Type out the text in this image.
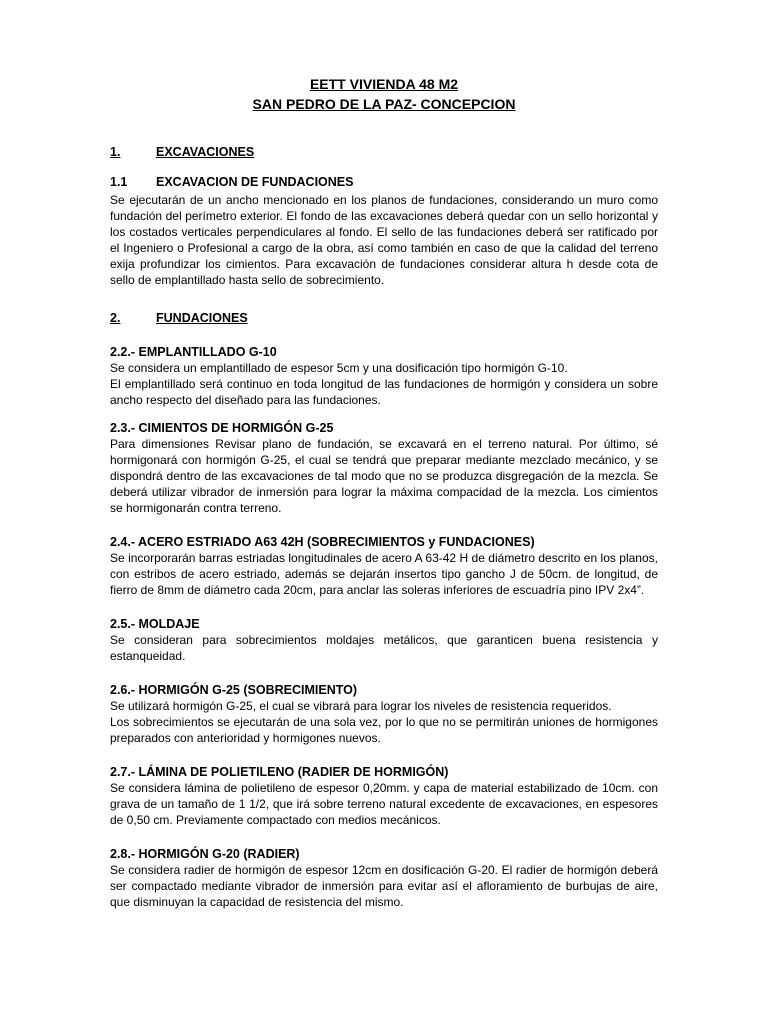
EETT VIVIENDA 48 M2
SAN PEDRO DE LA PAZ- CONCEPCION
1.	EXCAVACIONES
1.1	EXCAVACION DE FUNDACIONES

Se ejecutarán de un ancho mencionado en los planos de fundaciones, considerando un muro como fundación del perímetro exterior. El fondo de las excavaciones deberá quedar con un sello horizontal y los costados verticales perpendiculares al fondo. El sello de las fundaciones deberá ser ratificado por el Ingeniero o Profesional a cargo de la obra, así como también en caso de que la calidad del terreno exija profundizar los cimientos. Para excavación de fundaciones considerar altura h desde cota de sello de emplantillado hasta sello de sobrecimiento.

2.	FUNDACIONES
2.2.- EMPLANTILLADO G-10

Se considera un emplantillado de espesor 5cm y una dosificación tipo hormigón G-10.

El emplantillado será continuo en toda longitud de las fundaciones de hormigón y considera un sobre ancho respecto del diseñado para las fundaciones.

2.3.- CIMIENTOS DE HORMIGÓN G-25

Para dimensiones Revisar plano de fundación, se excavará en el terreno natural. Por último, sé hormigonará con hormigón G-25, el cual se tendrá que preparar mediante mezclado mecánico, y se dispondrá dentro de las excavaciones de tal modo que no se produzca disgregación de la mezcla. Se deberá utilizar vibrador de inmersión para lograr la máxima compacidad de la mezcla. Los cimientos se hormigonarán contra terreno.

2.4.- ACERO ESTRIADO A63 42H (SOBRECIMIENTOS y FUNDACIONES)

Se incorporarán barras estriadas longitudinales de acero A 63-42 H de diámetro descrito en los planos, con estribos de acero estriado, además se dejarán insertos tipo gancho J de 50cm. de longitud, de fierro de 8mm de diámetro cada 20cm, para anclar las soleras inferiores de escuadría pino IPV 2x4”.

2.5.- MOLDAJE

Se consideran para sobrecimientos moldajes metálicos, que garanticen buena resistencia y estanqueidad.

2.6.- HORMIGÓN G-25 (SOBRECIMIENTO)

Se utilizará hormigón G-25, el cual se vibrará para lograr los niveles de resistencia requeridos.

Los sobrecimientos se ejecutarán de una sola vez, por lo que no se permitirán uniones de hormigones preparados con anterioridad y hormigones nuevos.

2.7.- LÁMINA DE POLIETILENO (RADIER DE HORMIGÓN)

Se considera lámina de polietileno de espesor 0,20mm. y capa de material estabilizado de 10cm. con grava de un tamaño de 1 1/2, que irá sobre terreno natural excedente de excavaciones, en espesores de 0,50 cm. Previamente compactado con medios mecánicos.

2.8.- HORMIGÓN G-20 (RADIER)

Se considera radier de hormigón de espesor 12cm en dosificación G-20. El radier de hormigón deberá ser compactado mediante vibrador de inmersión para evitar así el afloramiento de burbujas de aire, que disminuyan la capacidad de resistencia del mismo.
